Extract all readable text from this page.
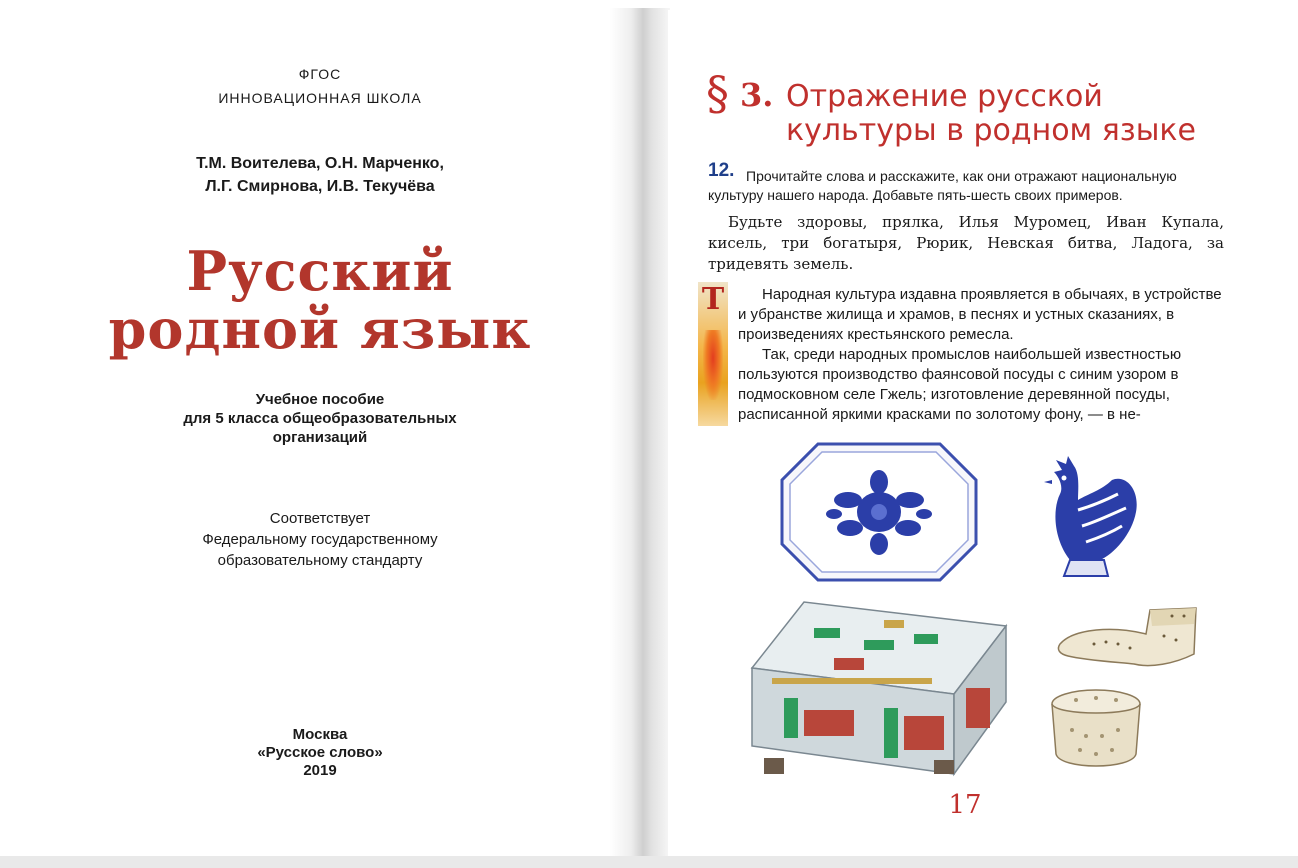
ФГОС
ИННОВАЦИОННАЯ ШКОЛА
Т.М. Воителева, О.Н. Марченко,
Л.Г. Смирнова, И.В. Текучёва
Русский
родной язык
Учебное пособие
для 5 класса общеобразовательных
организаций
Соответствует
Федеральному государственному
образовательному стандарту
Москва
«Русское слово»
2019
§ 3. Отражение русской
культуры в родном языке
12. Прочитайте слова и расскажите, как они отражают национальную культуру нашего народа. Добавьте пять-шесть своих примеров.
Будьте здоровы, прялка, Илья Муромец, Иван Купала, кисель, три богатыря, Рюрик, Невская битва, Ладога, за тридевять земель.
Т	Народная культура издавна проявляется в обычаях, в устройстве и убранстве жилища и храмов, в песнях и устных сказаниях, в произведениях крестьянского ремесла.
Так, среди народных промыслов наибольшей известностью пользуются производство фаянсовой посуды с синим узором в подмосковном селе Гжель; изготовление деревянной посуды, расписанной яркими красками по золотому фону, — в не-
17
